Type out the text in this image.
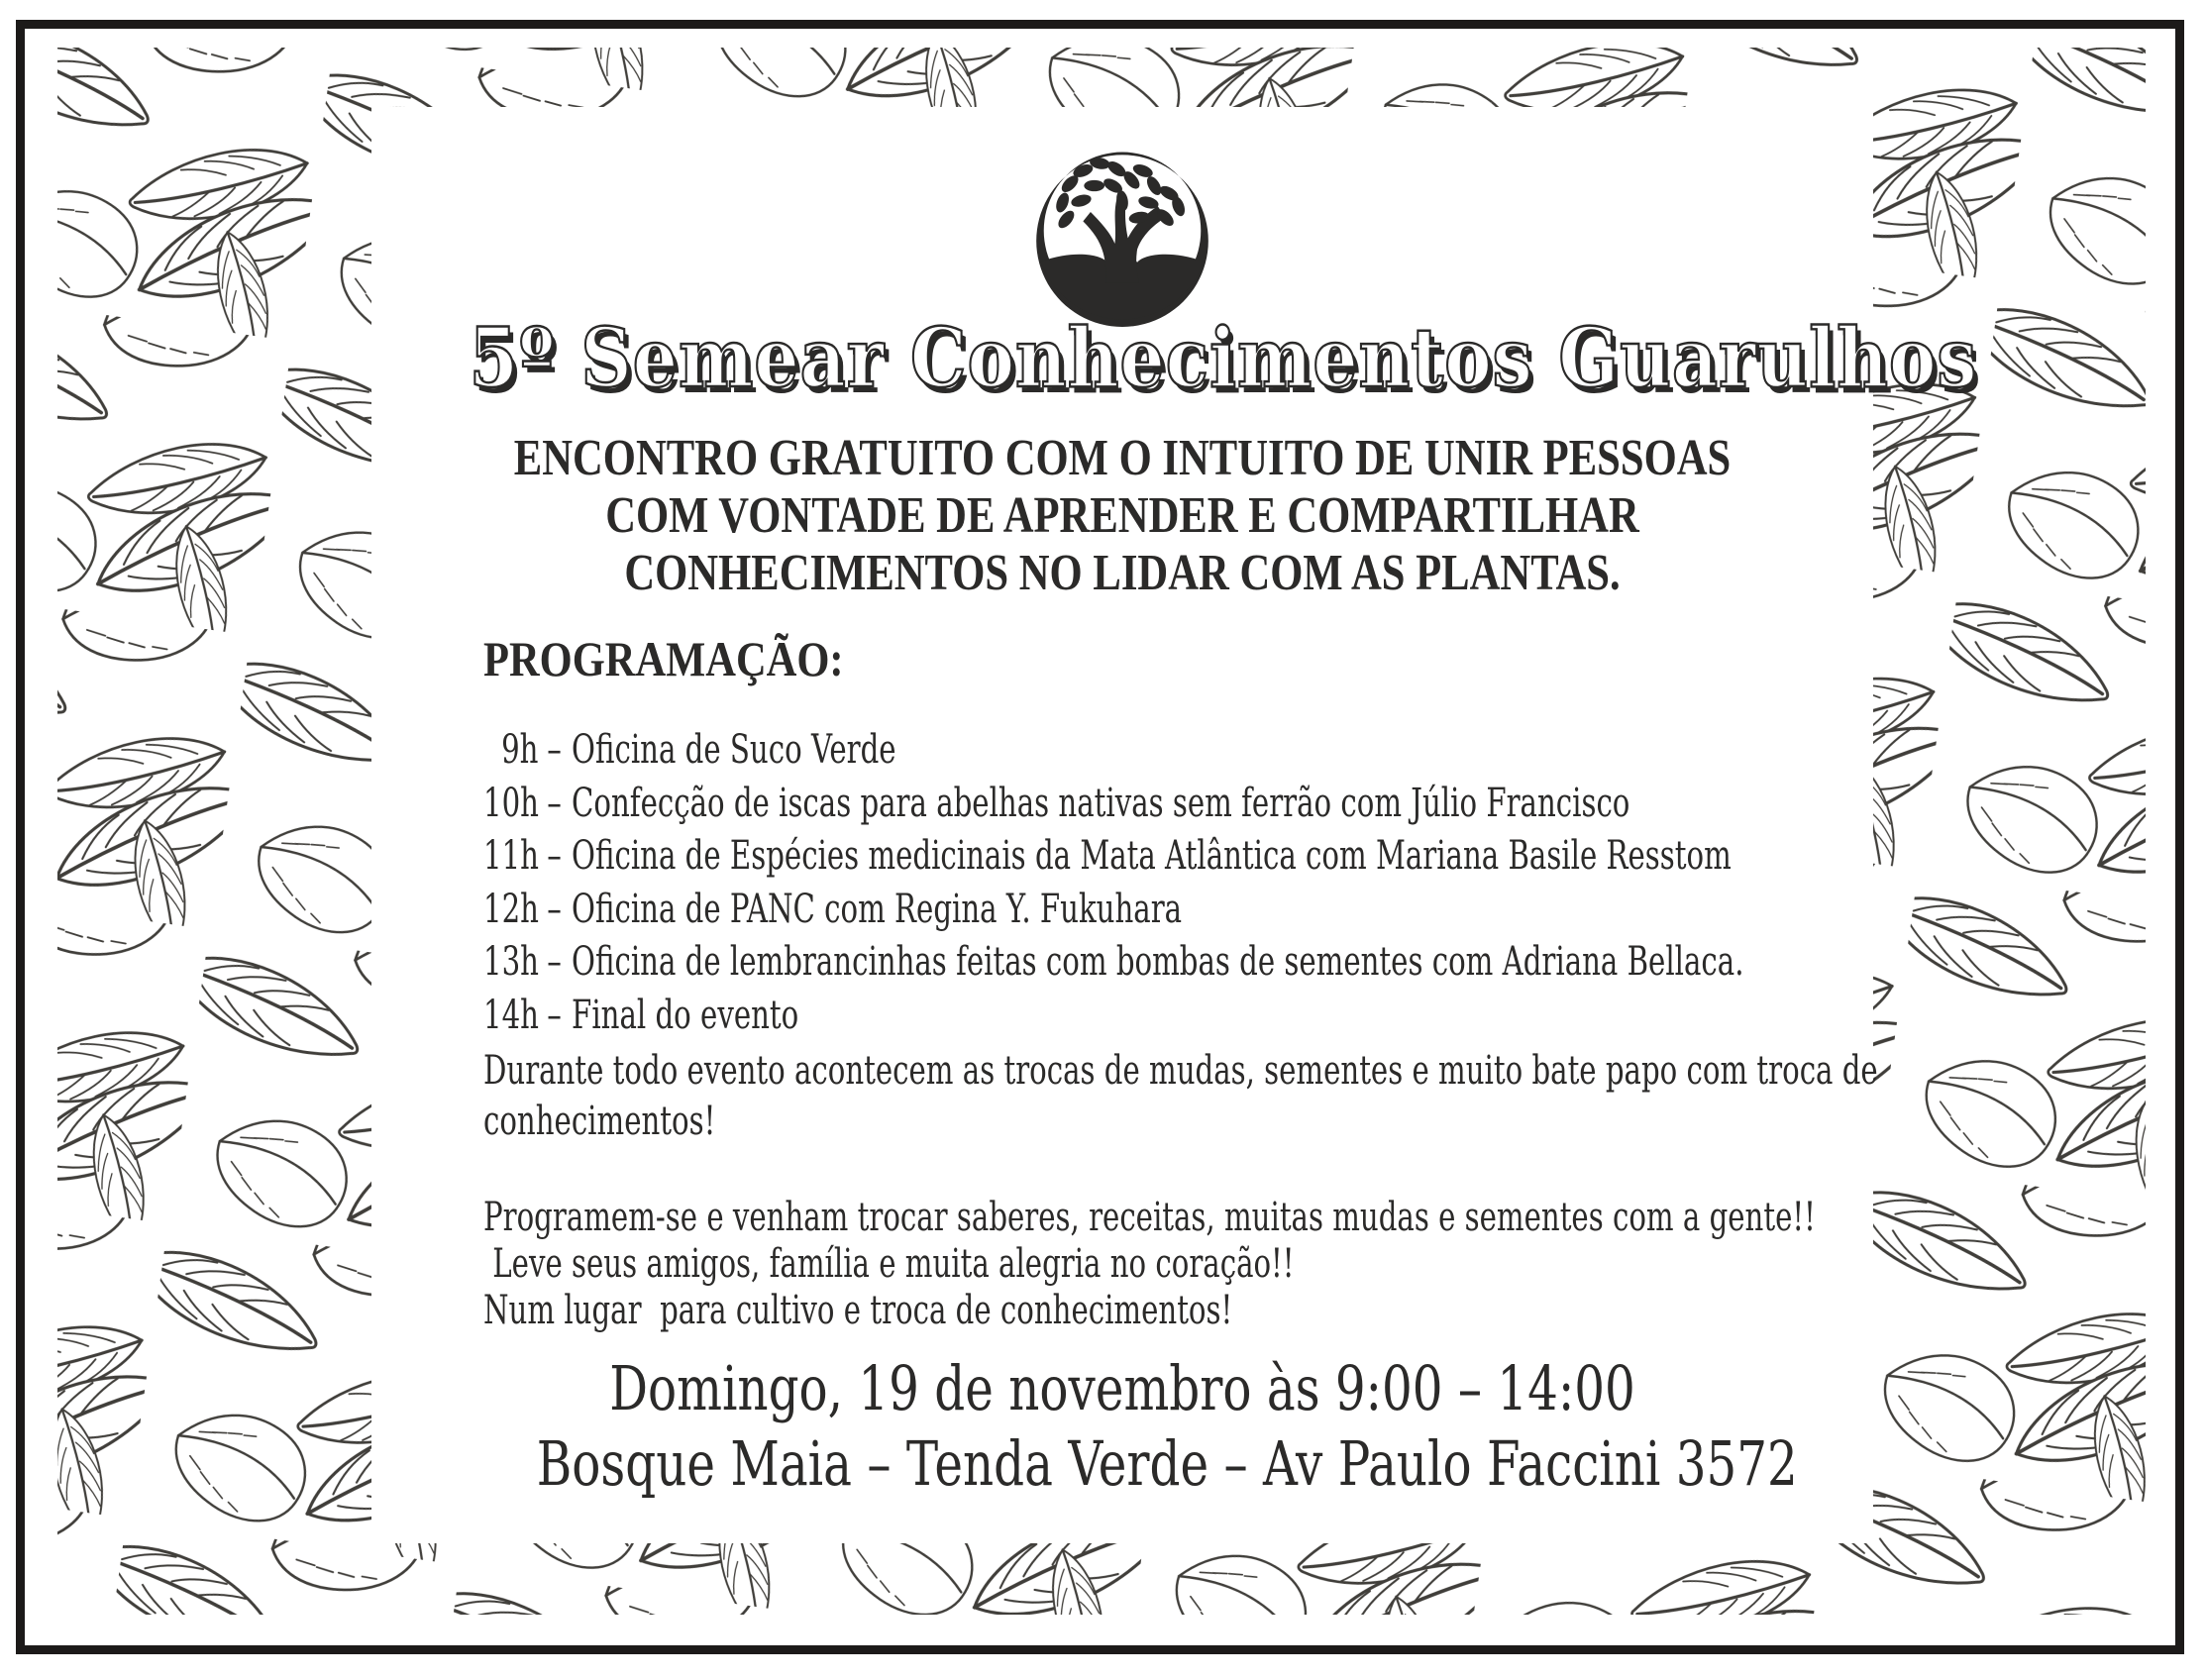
5º Semear Conhecimentos Guarulhos
ENCONTRO GRATUITO COM O INTUITO DE UNIR PESSOAS
COM VONTADE DE APRENDER E COMPARTILHAR
CONHECIMENTOS NO LIDAR COM AS PLANTAS.
PROGRAMAÇÃO:
9h – Oficina de Suco Verde
10h – Confecção de iscas para abelhas nativas sem ferrão com Júlio Francisco
11h – Oficina de Espécies medicinais da Mata Atlântica com Mariana Basile Resstom
12h – Oficina de PANC com Regina Y. Fukuhara
13h – Oficina de lembrancinhas feitas com bombas de sementes com Adriana Bellaca.
14h – Final do evento
Durante todo evento acontecem as trocas de mudas, sementes e muito bate papo com troca de
conhecimentos!
Programem-se e venham trocar saberes, receitas, muitas mudas e sementes com a gente!!
Leve seus amigos, família e muita alegria no coração!!
Num lugar  para cultivo e troca de conhecimentos!
Domingo, 19 de novembro às 9:00 – 14:00
Bosque Maia – Tenda Verde – Av Paulo Faccini 3572
